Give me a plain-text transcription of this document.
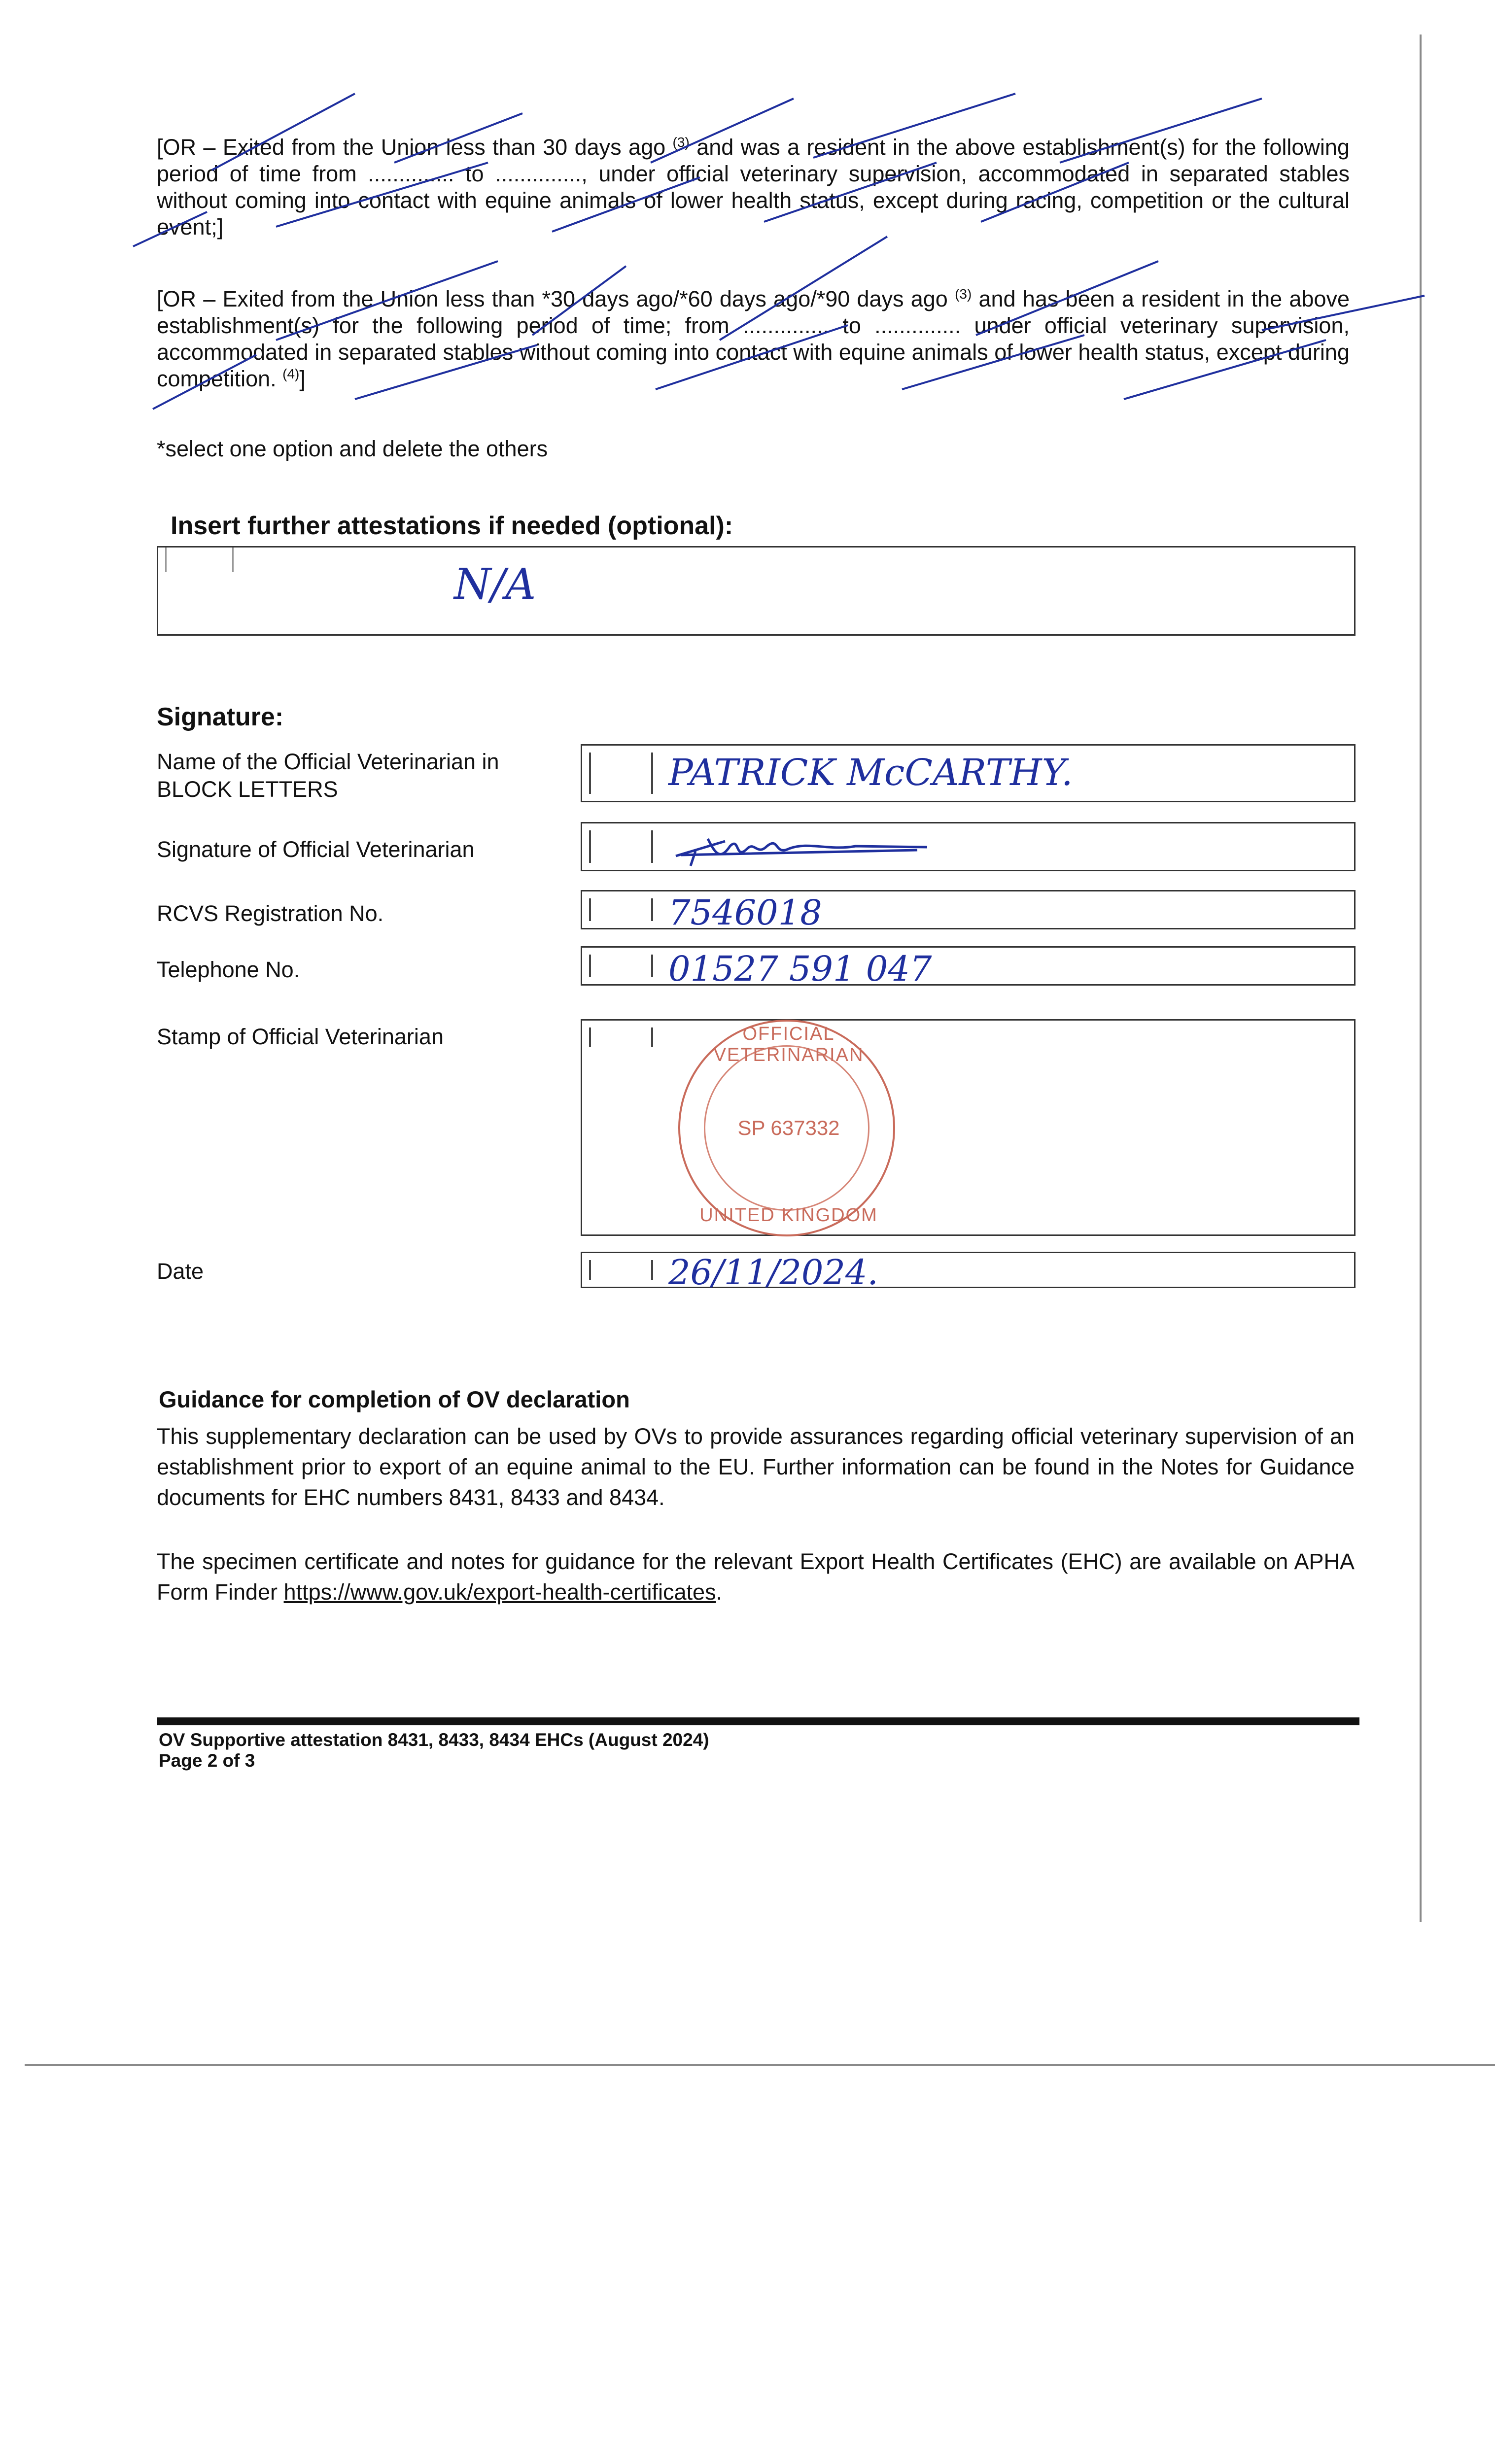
[OR – Exited from the Union less than 30 days ago $^{(3)}$ and was a resident in the above establishment(s) for the following period of time from .............. to .............., under official veterinary supervision, accommodated in separated stables without coming into contact with equine animals of lower health status, except during racing, competition or the cultural event;]
[OR – Exited from the Union less than *30 days ago/*60 days ago/*90 days ago $^{(3)}$ and has been a resident in the above establishment(s) for the following period of time; from .............. to .............. under official veterinary supervision, accommodated in separated stables without coming into contact with equine animals of lower health status, except during competition. $^{(4)}$]
*select one option and delete the others
Insert further attestations if needed (optional):
N/A
Signature:
Name of the Official Veterinarian in BLOCK LETTERS	PATRICK McCARTHY.
Signature of Official Veterinarian
RCVS Registration No.	7546018
Telephone No.	01527 591 047
Stamp of Official Veterinarian	OFFICIAL VETERINARIAN
SP 637332
UNITED KINGDOM
Date	26/11/2024.
Guidance for completion of OV declaration
This supplementary declaration can be used by OVs to provide assurances regarding official veterinary supervision of an establishment prior to export of an equine animal to the EU. Further information can be found in the Notes for Guidance documents for EHC numbers 8431, 8433 and 8434.
The specimen certificate and notes for guidance for the relevant Export Health Certificates (EHC) are available on APHA Form Finder https://www.gov.uk/export-health-certificates.
OV Supportive attestation 8431, 8433, 8434 EHCs (August 2024)
Page 2 of 3
